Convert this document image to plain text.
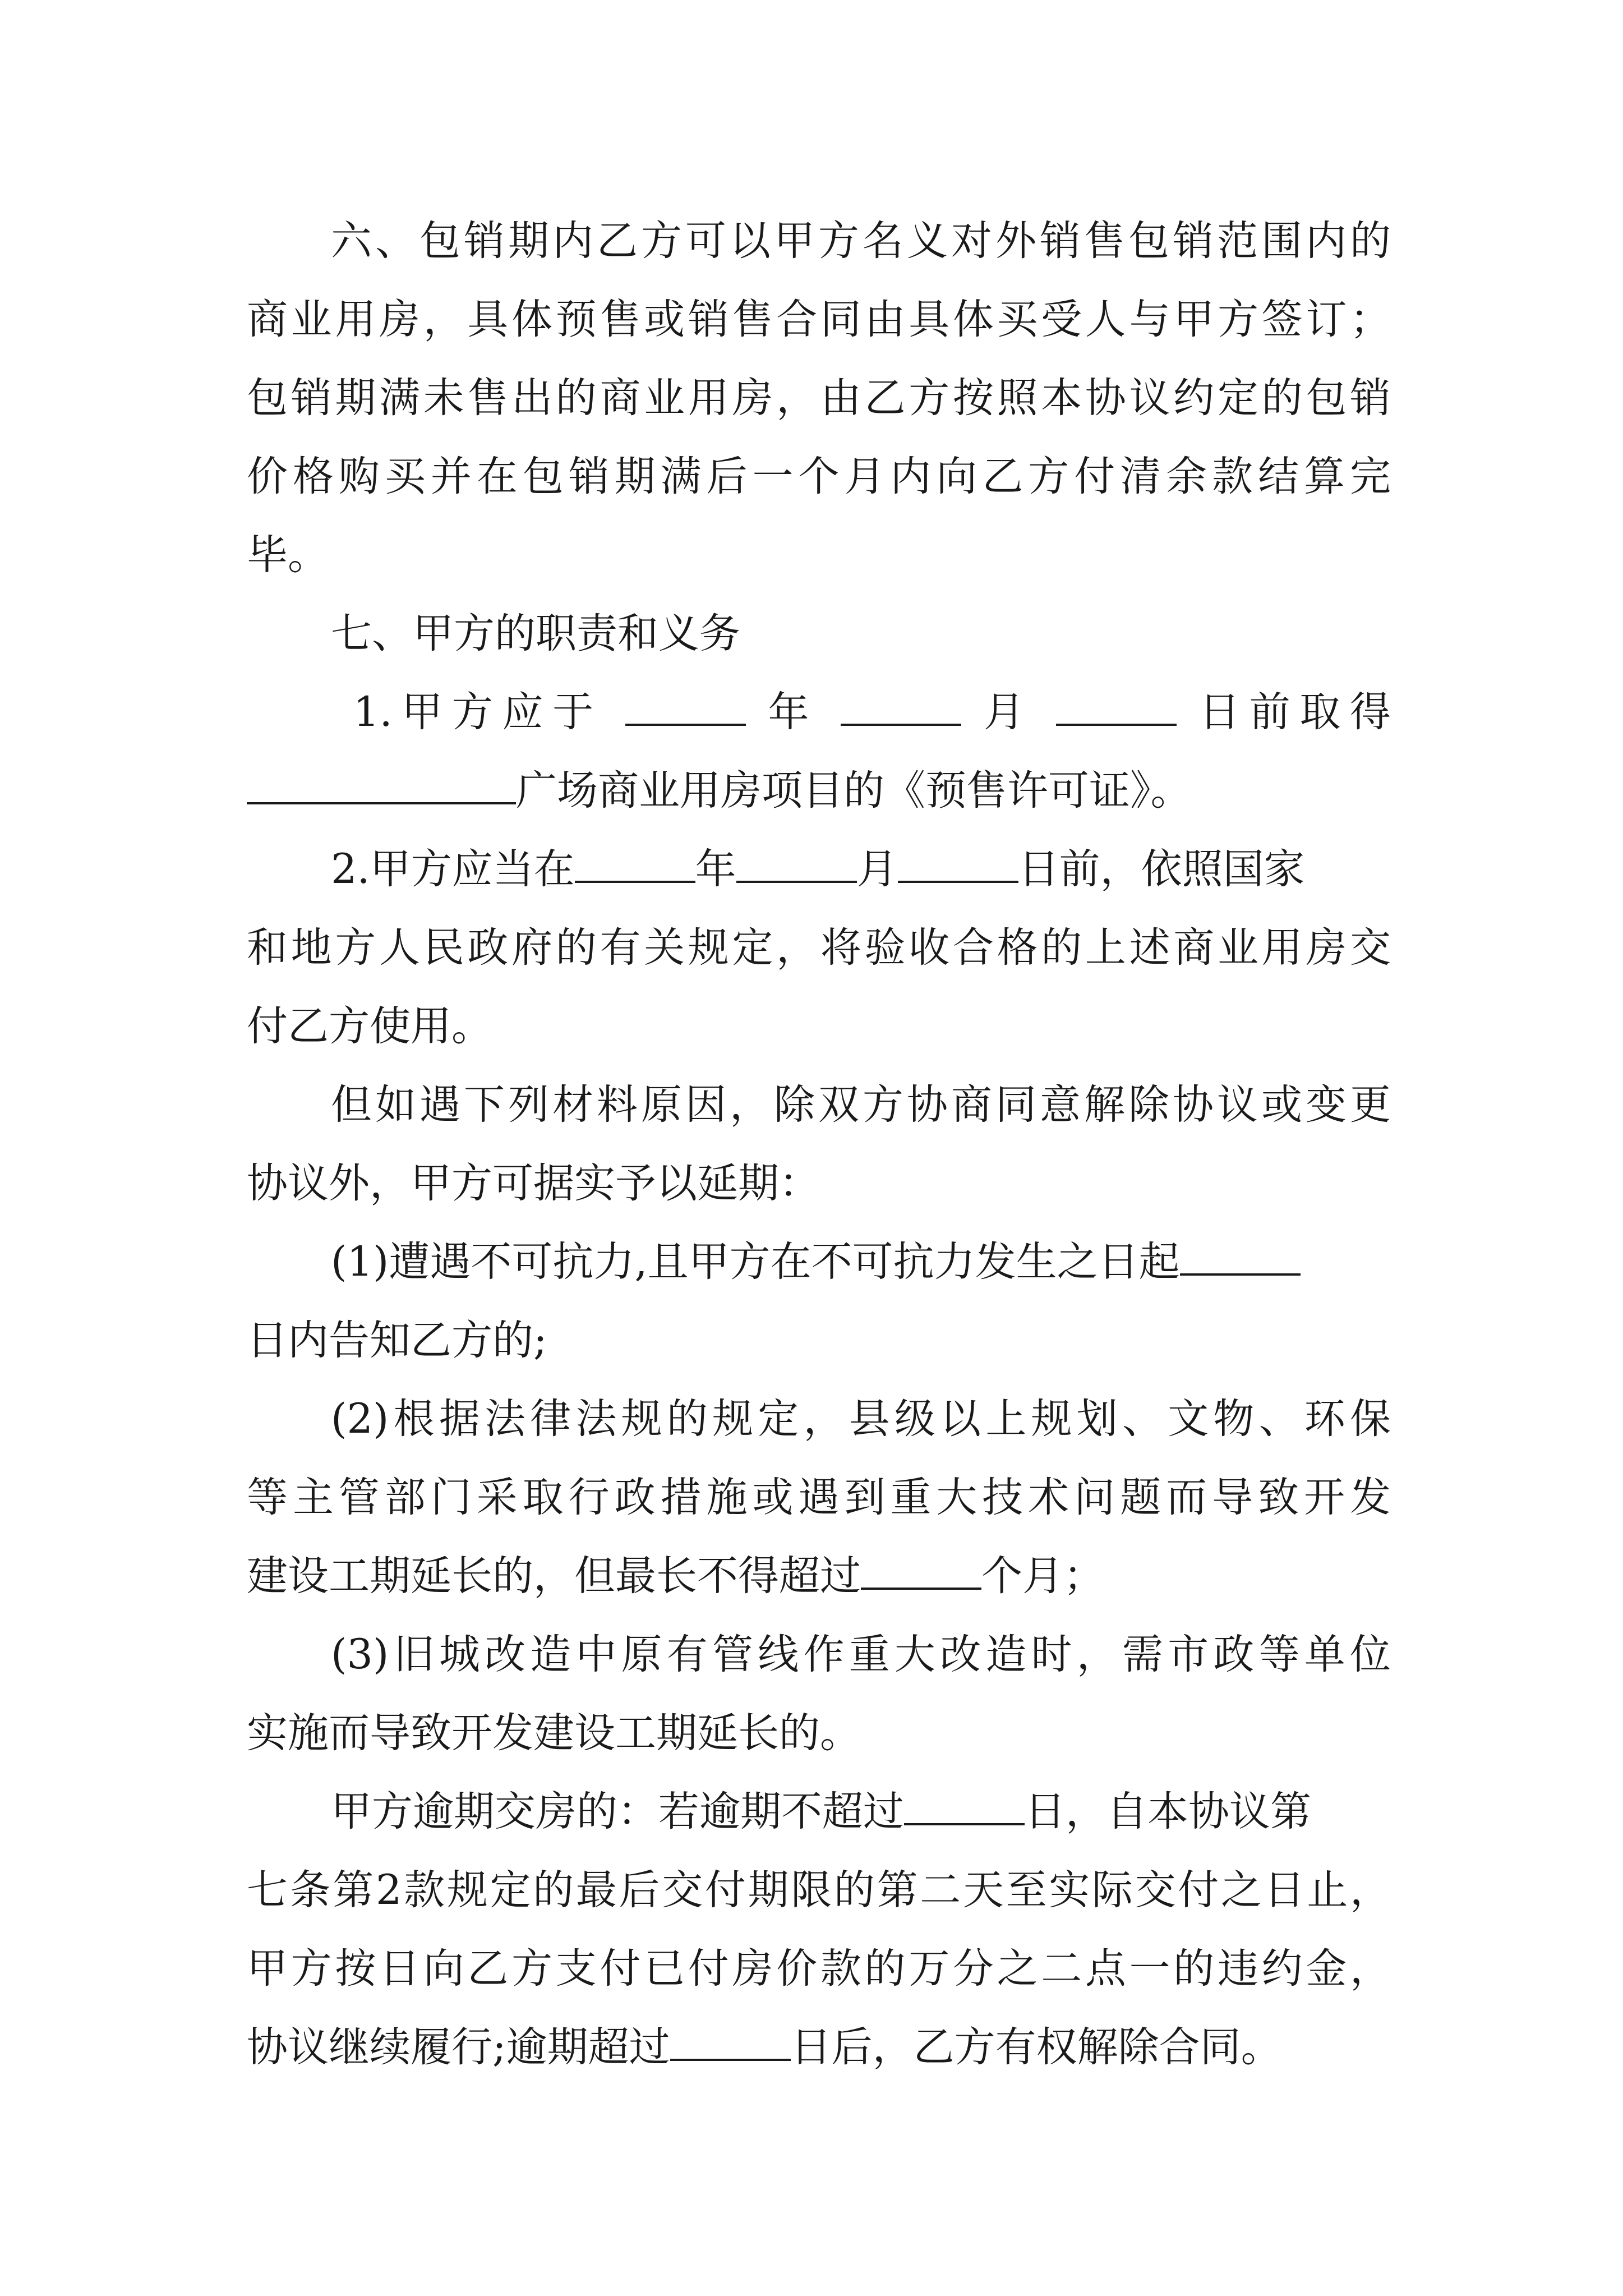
六、包销期内乙方可以甲方名义对外销售包销范围内的
商业用房，具体预售或销售合同由具体买受人与甲方签订；
包销期满未售出的商业用房，由乙方按照本协议约定的包销
价格购买并在包销期满后一个月内向乙方付清余款结算完
毕。
七、甲方的职责和义务
1.甲方应于	年	月	日前取得
广场商业用房项目的《预售许可证》。
2.甲方应当在	年	月	日前，依照国家
和地方人民政府的有关规定，将验收合格的上述商业用房交
付乙方使用。
但如遇下列材料原因，除双方协商同意解除协议或变更
协议外，甲方可据实予以延期：
(1)遭遇不可抗力,且甲方在不可抗力发生之日起
日内告知乙方的;
(2)根据法律法规的规定，县级以上规划、文物、环保
等主管部门采取行政措施或遇到重大技术问题而导致开发
建设工期延长的，但最长不得超过	个月；
(3)旧城改造中原有管线作重大改造时，需市政等单位
实施而导致开发建设工期延长的。
甲方逾期交房的：若逾期不超过	日，自本协议第
七条第2款规定的最后交付期限的第二天至实际交付之日止，
甲方按日向乙方支付已付房价款的万分之二点一的违约金，
协议继续履行;逾期超过	日后，乙方有权解除合同。
